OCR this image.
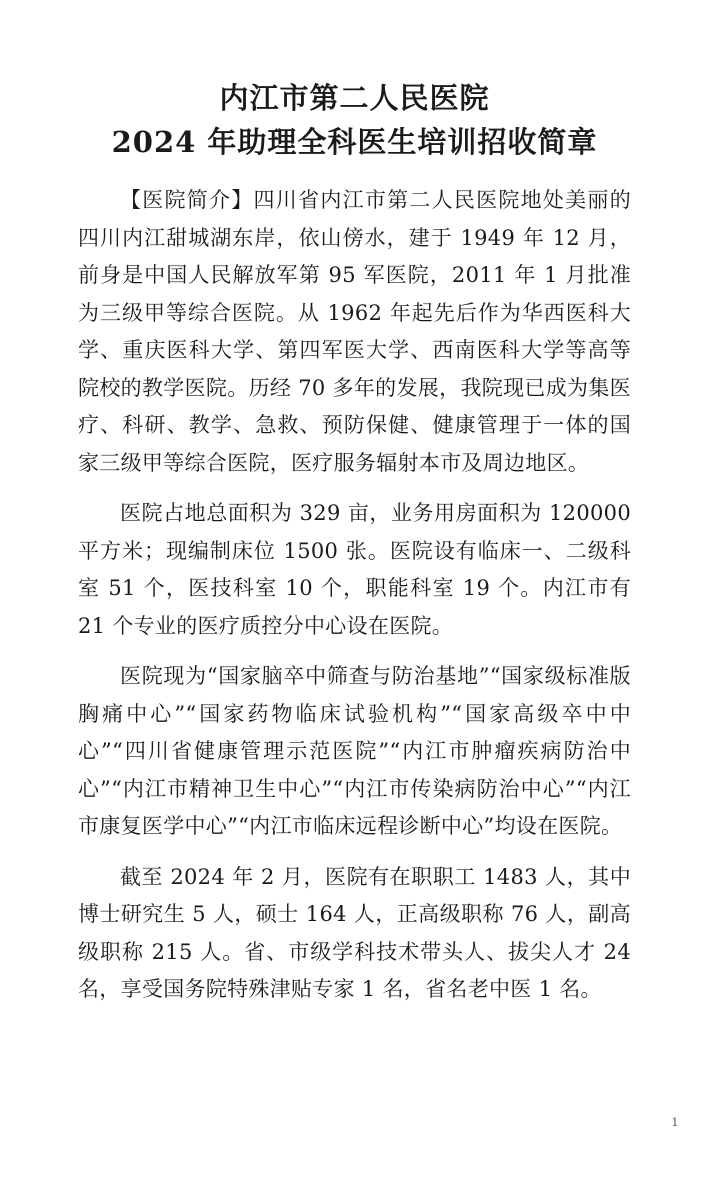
内江市第二人民医院
2024 年助理全科医生培训招收简章

【医院简介】四川省内江市第二人民医院地处美丽的四川内江甜城湖东岸，依山傍水，建于 1949 年 12 月，前身是中国人民解放军第 95 军医院，2011 年 1 月批准为三级甲等综合医院。从 1962 年起先后作为华西医科大学、重庆医科大学、第四军医大学、西南医科大学等高等院校的教学医院。历经 70 多年的发展，我院现已成为集医疗、科研、教学、急救、预防保健、健康管理于一体的国家三级甲等综合医院，医疗服务辐射本市及周边地区。

医院占地总面积为 329 亩，业务用房面积为 120000 平方米；现编制床位 1500 张。医院设有临床一、二级科室 51 个，医技科室 10 个，职能科室 19 个。内江市有 21 个专业的医疗质控分中心设在医院。

医院现为“国家脑卒中筛查与防治基地”“国家级标准版胸痛中心”“国家药物临床试验机构”“国家高级卒中中心”“四川省健康管理示范医院”“内江市肿瘤疾病防治中心”“内江市精神卫生中心”“内江市传染病防治中心”“内江市康复医学中心”“内江市临床远程诊断中心”均设在医院。

截至 2024 年 2 月，医院有在职职工 1483 人，其中博士研究生 5 人，硕士 164 人，正高级职称 76 人，副高级职称 215 人。省、市级学科技术带头人、拔尖人才 24 名，享受国务院特殊津贴专家 1 名，省名老中医 1 名。

1
